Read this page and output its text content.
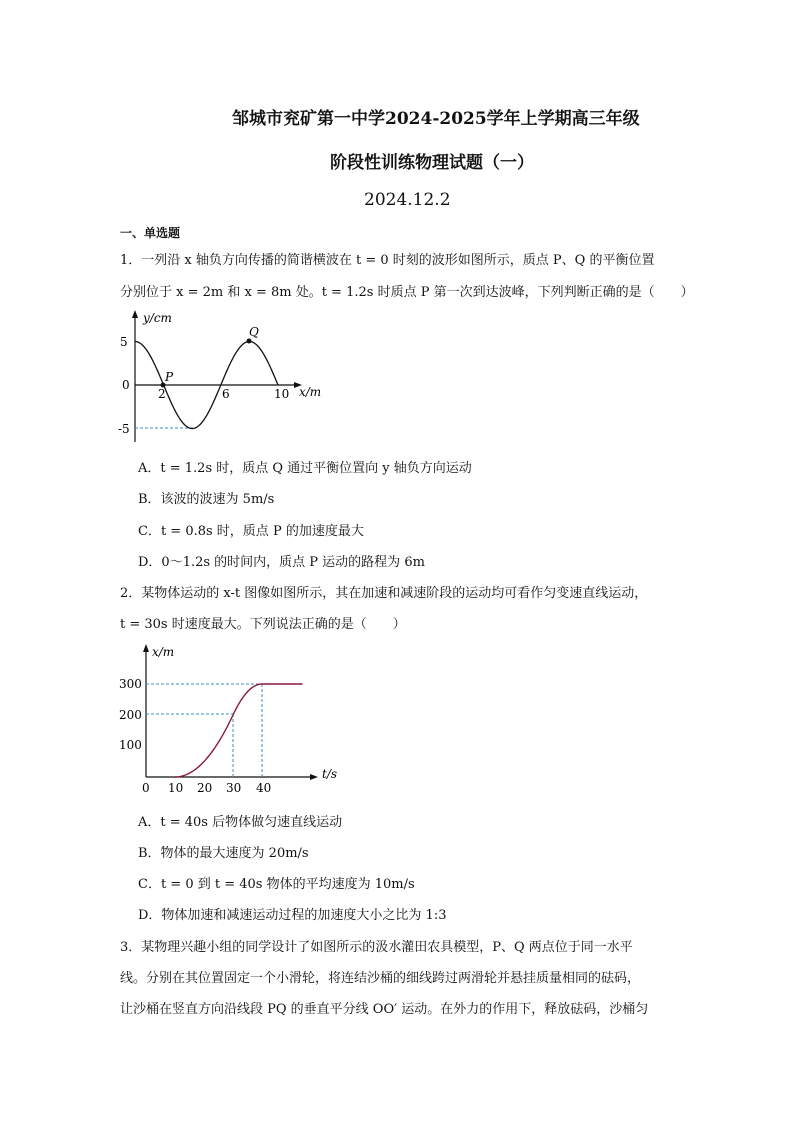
邹城市兖矿第一中学2024-2025学年上学期高三年级
阶段性训练物理试题（一）
2024.12.2
一、单选题
1．一列沿 x 轴负方向传播的简谐横波在 t = 0 时刻的波形如图所示，质点 P、Q 的平衡位置
分别位于 x = 2m 和 x = 8m 处。t = 1.2s 时质点 P 第一次到达波峰，下列判断正确的是（　　）
y/cm
x/m
5
0
-5
2	6	10
P
Q
A．t = 1.2s 时，质点 Q 通过平衡位置向 y 轴负方向运动
B．该波的波速为 5m/s
C．t = 0.8s 时，质点 P 的加速度最大
D．0～1.2s 的时间内，质点 P 运动的路程为 6m
2．某物体运动的 x-t 图像如图所示，其在加速和减速阶段的运动均可看作匀变速直线运动，
t = 30s 时速度最大。下列说法正确的是（　　）
x/m
t/s
300
200
100
0 10 20 30 40
A．t = 40s 后物体做匀速直线运动
B．物体的最大速度为 20m/s
C．t = 0 到 t = 40s 物体的平均速度为 10m/s
D．物体加速和减速运动过程的加速度大小之比为 1:3
3．某物理兴趣小组的同学设计了如图所示的汲水灌田农具模型，P、Q 两点位于同一水平
线。分别在其位置固定一个小滑轮，将连结沙桶的细线跨过两滑轮并悬挂质量相同的砝码，
让沙桶在竖直方向沿线段 PQ 的垂直平分线 OO′ 运动。在外力的作用下，释放砝码，沙桶匀
